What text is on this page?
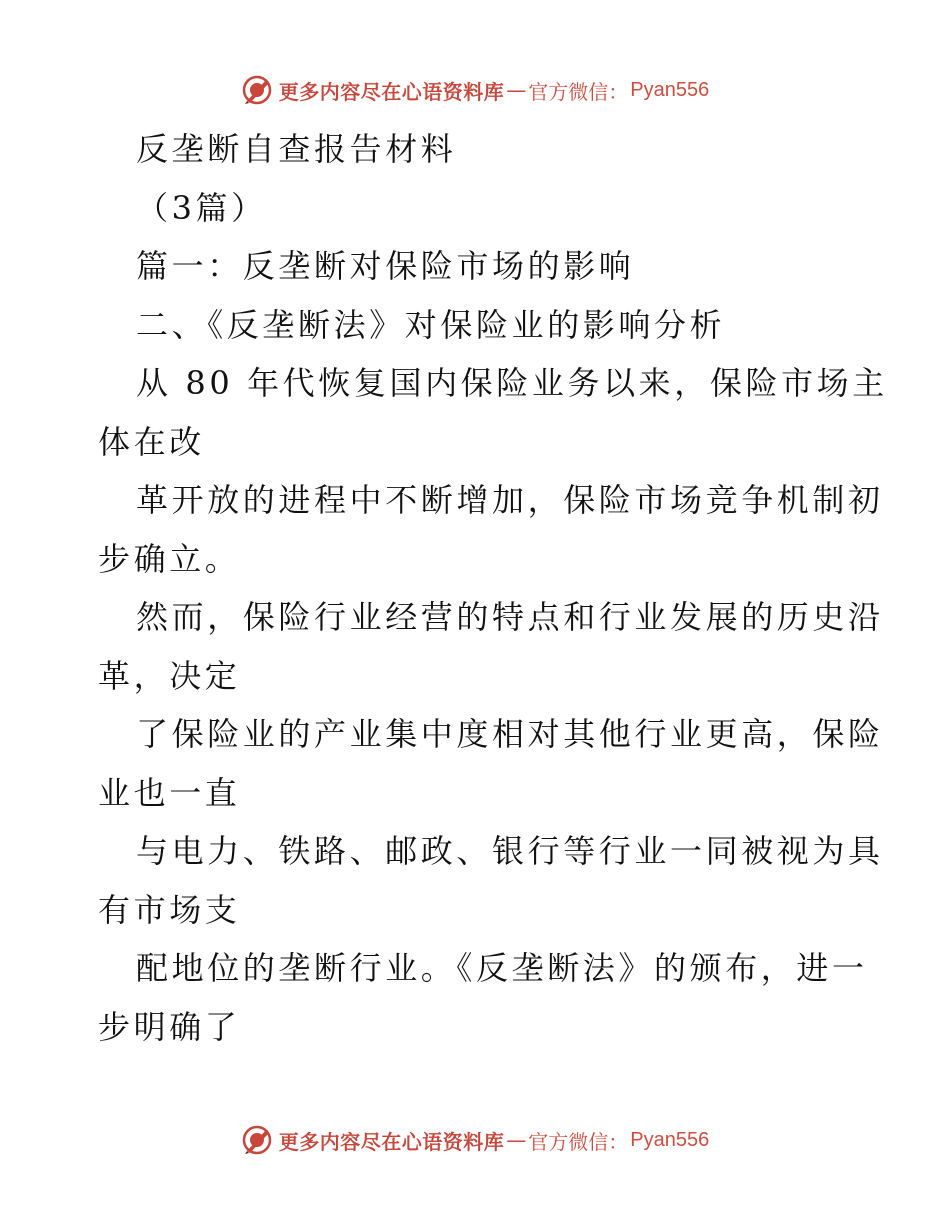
更多内容尽在心语资料库 — 官方微信： Pyan556
反垄断自查报告材料
（3篇）
篇一：反垄断对保险市场的影响
二、《反垄断法》对保险业的影响分析
从 80 年代恢复国内保险业务以来，保险市场主
体在改
革开放的进程中不断增加，保险市场竞争机制初
步确立。
然而，保险行业经营的特点和行业发展的历史沿
革，决定
了保险业的产业集中度相对其他行业更高，保险
业也一直
与电力、铁路、邮政、银行等行业一同被视为具
有市场支
配地位的垄断行业。《反垄断法》的颁布，进一
步明确了
更多内容尽在心语资料库 — 官方微信： Pyan556
